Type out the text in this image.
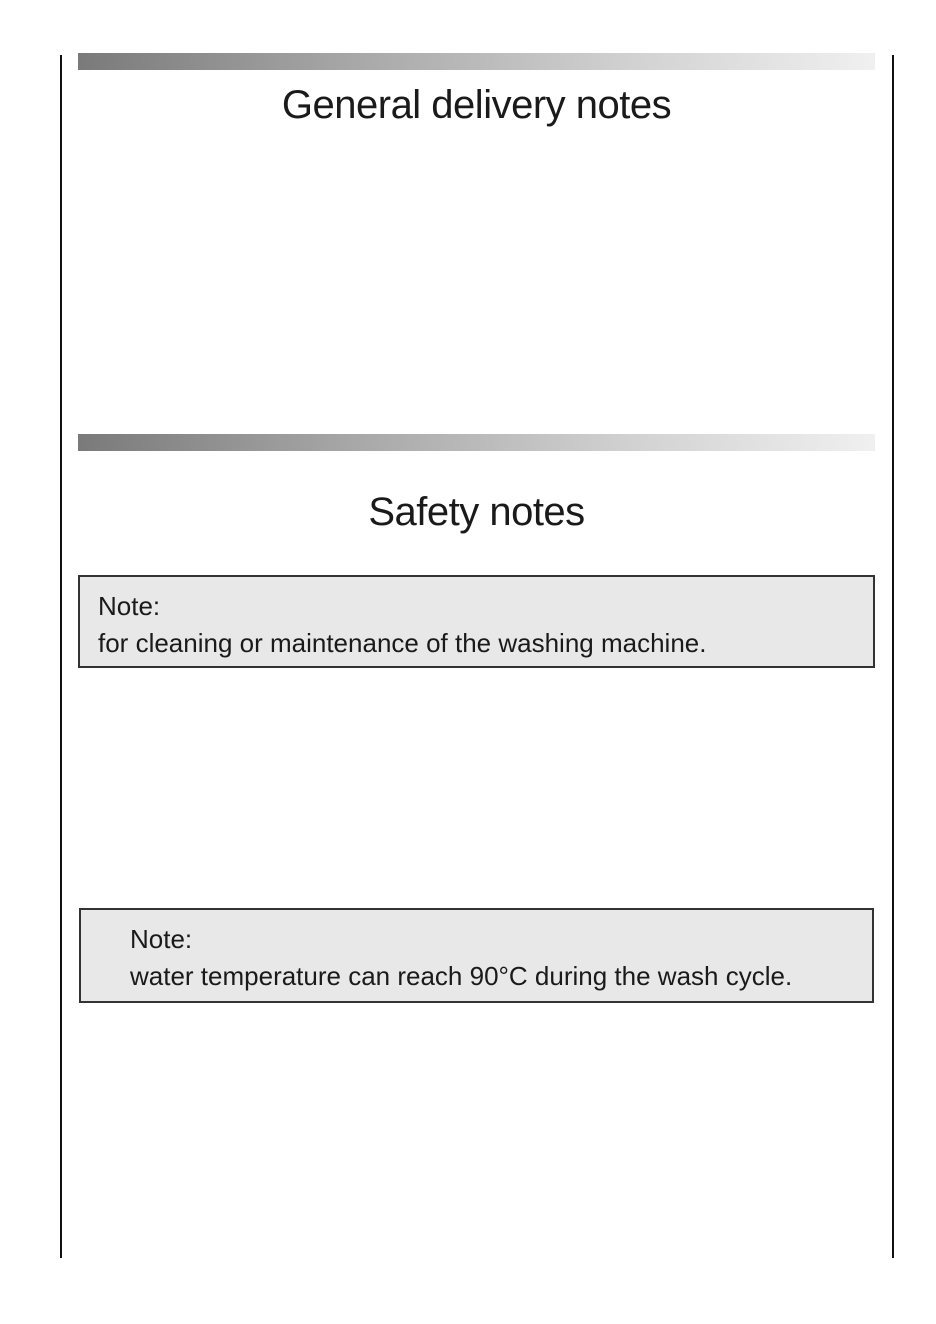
General delivery notes
Safety notes
Note:
for cleaning or maintenance of the washing machine.
Note:
water temperature can reach 90°C during the wash cycle.
